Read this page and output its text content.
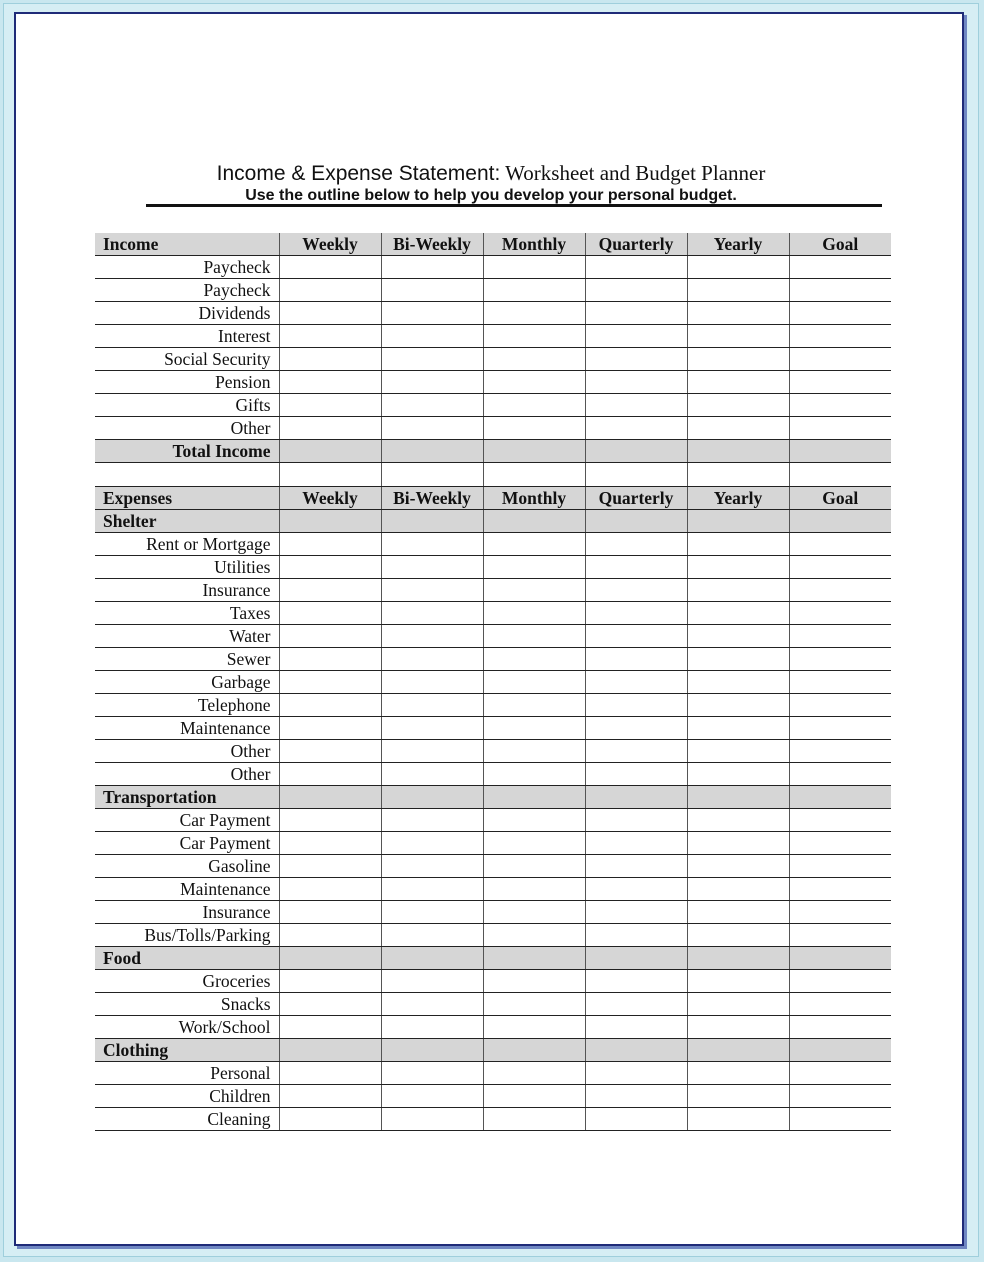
Income & Expense Statement: Worksheet and Budget Planner
Use the outline below to help you develop your personal budget.
Income	Weekly	Bi-Weekly	Monthly	Quarterly	Yearly	Goal
Paycheck						
Paycheck						
Dividends						
Interest						
Social Security						
Pension						
Gifts						
Other						
Total Income						

Expenses	Weekly	Bi-Weekly	Monthly	Quarterly	Yearly	Goal
Shelter						
Rent or Mortgage						
Utilities						
Insurance						
Taxes						
Water						
Sewer						
Garbage						
Telephone						
Maintenance						
Other						
Other						
Transportation						
Car Payment						
Car Payment						
Gasoline						
Maintenance						
Insurance						
Bus/Tolls/Parking						
Food						
Groceries						
Snacks						
Work/School						
Clothing						
Personal						
Children						
Cleaning						
